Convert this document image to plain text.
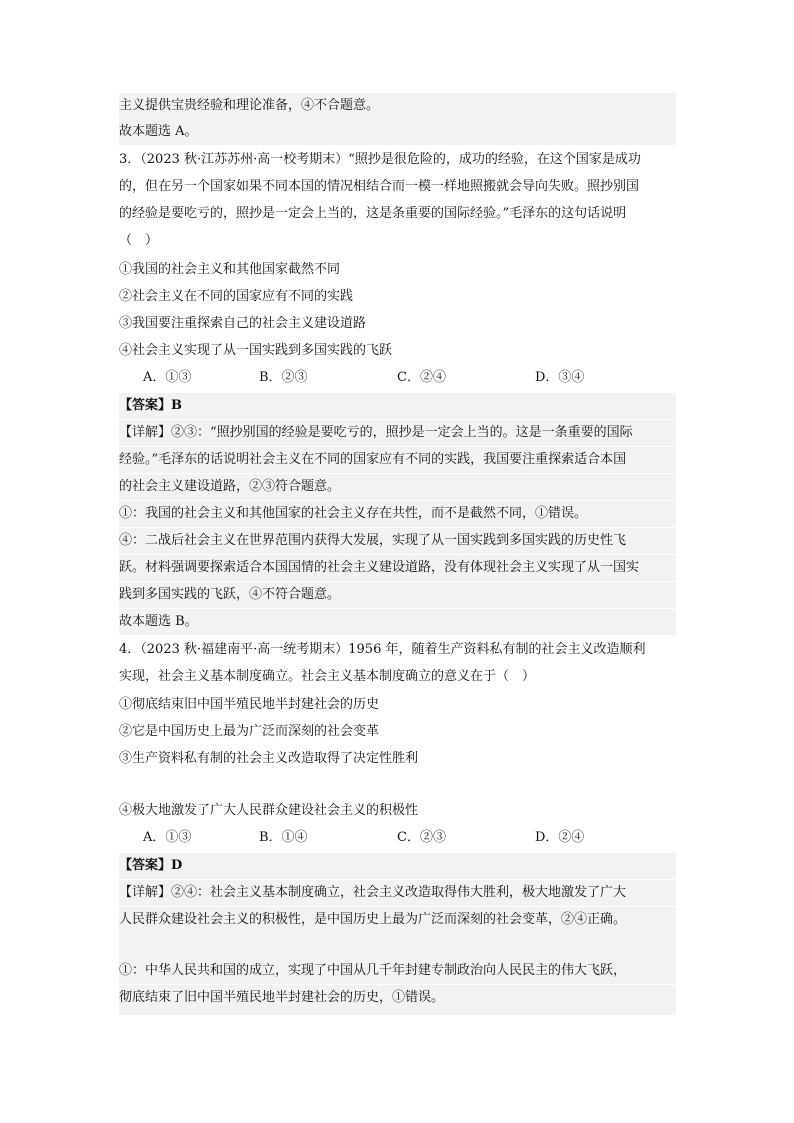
主义提供宝贵经验和理论准备，④不合题意。
故本题选 A。
3．（2023 秋·江苏苏州·高一校考期末）“照抄是很危险的，成功的经验，在这个国家是成功
的，但在另一个国家如果不同本国的情况相结合而一模一样地照搬就会导向失败。照抄别国
的经验是要吃亏的，照抄是一定会上当的，这是条重要的国际经验。”毛泽东的这句话说明
（　）
①我国的社会主义和其他国家截然不同
②社会主义在不同的国家应有不同的实践
③我国要注重探索自己的社会主义建设道路
④社会主义实现了从一国实践到多国实践的飞跃
A．①③	B．②③	C．②④	D．③④
【答案】B
【详解】②③：“照抄别国的经验是要吃亏的，照抄是一定会上当的。这是一条重要的国际
经验。”毛泽东的话说明社会主义在不同的国家应有不同的实践，我国要注重探索适合本国
的社会主义建设道路，②③符合题意。
①：我国的社会主义和其他国家的社会主义存在共性，而不是截然不同，①错误。
④：二战后社会主义在世界范围内获得大发展，实现了从一国实践到多国实践的历史性飞
跃。材料强调要探索适合本国国情的社会主义建设道路，没有体现社会主义实现了从一国实
践到多国实践的飞跃，④不符合题意。
故本题选 B。
4．（2023 秋·福建南平·高一统考期末）1956 年，随着生产资料私有制的社会主义改造顺利
实现，社会主义基本制度确立。社会主义基本制度确立的意义在于（　）
①彻底结束旧中国半殖民地半封建社会的历史
②它是中国历史上最为广泛而深刻的社会变革
③生产资料私有制的社会主义改造取得了决定性胜利
④极大地激发了广大人民群众建设社会主义的积极性
A．①③	B．①④	C．②③	D．②④
【答案】D
【详解】②④：社会主义基本制度确立，社会主义改造取得伟大胜利，极大地激发了广大
人民群众建设社会主义的积极性，是中国历史上最为广泛而深刻的社会变革，②④正确。
①：中华人民共和国的成立，实现了中国从几千年封建专制政治向人民民主的伟大飞跃，
彻底结束了旧中国半殖民地半封建社会的历史，①错误。
